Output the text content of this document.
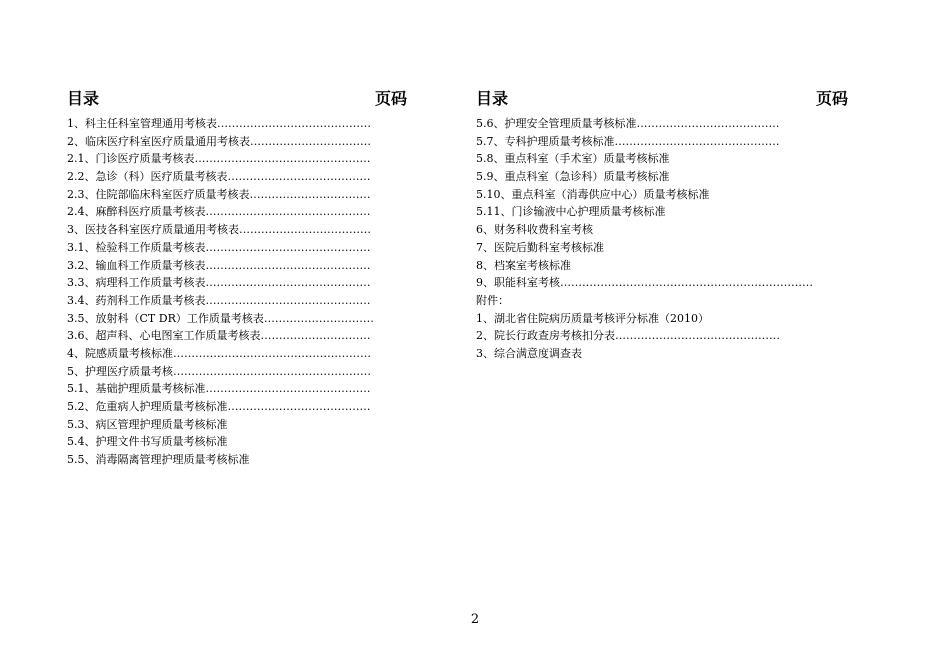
目录	页码
1、科主任科室管理通用考核表……………………………………
2、临床医疗科室医疗质量通用考核表……………………………
2.1、门诊医疗质量考核表…………………………………………
2.2、急诊（科）医疗质量考核表…………………………………
2.3、住院部临床科室医疗质量考核表……………………………
2.4、麻醉科医疗质量考核表………………………………………
3、医技各科室医疗质量通用考核表………………………………
3.1、检验科工作质量考核表………………………………………
3.2、输血科工作质量考核表………………………………………
3.3、病理科工作质量考核表………………………………………
3.4、药剂科工作质量考核表………………………………………
3.5、放射科（CT DR）工作质量考核表…………………………
3.6、超声科、心电图室工作质量考核表…………………………
4、院感质量考核标准………………………………………………
5、护理医疗质量考核………………………………………………
5.1、基础护理质量考核标准………………………………………
5.2、危重病人护理质量考核标准…………………………………
5.3、病区管理护理质量考核标准
5.4、护理文件书写质量考核标准
5.5、消毒隔离管理护理质量考核标准
目录	页码
5.6、护理安全管理质量考核标准…………………………………
5.7、专科护理质量考核标准………………………………………
5.8、重点科室（手术室）质量考核标准
5.9、重点科室（急诊科）质量考核标准
5.10、重点科室（消毒供应中心）质量考核标准
5.11、门诊输液中心护理质量考核标准
6、财务科收费科室考核
7、医院后勤科室考核标准
8、档案室考核标准
9、职能科室考核……………………………………………………………
附件：
1、湖北省住院病历质量考核评分标准（2010）
2、院长行政查房考核扣分表………………………………………
3、综合满意度调查表
2
